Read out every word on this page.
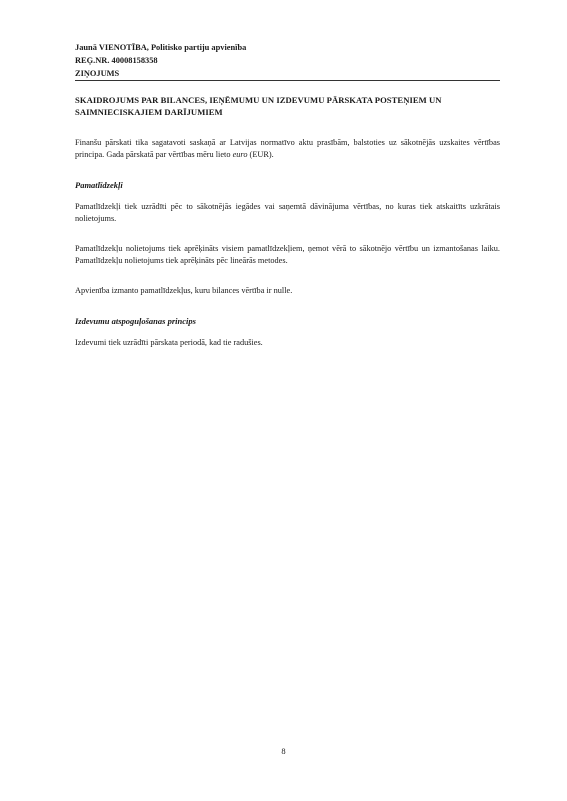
Jaunā VIENOTĪBA, Politisko partiju apvienība
REĢ.NR. 40008158358
ZIŅOJUMS

SKAIDROJUMS PAR BILANCES, IEŅĒMUMU UN IZDEVUMU PĀRSKATA POSTEŅIEM UN SAIMNIECISKAJIEM DARĪJUMIEM

Finanšu pārskati tika sagatavoti saskaņā ar Latvijas normatīvo aktu prasībām, balstoties uz sākotnējās uzskaites vērtības principa. Gada pārskatā par vērtības mēru lieto euro (EUR).

Pamatlīdzekļi

Pamatlīdzekļi tiek uzrādīti pēc to sākotnējās iegādes vai saņemtā dāvinājuma vērtības, no kuras tiek atskaitīts uzkrātais nolietojums.

Pamatlīdzekļu nolietojums tiek aprēķināts visiem pamatlīdzekļiem, ņemot vērā to sākotnējo vērtību un izmantošanas laiku. Pamatlīdzekļu nolietojums tiek aprēķināts pēc lineārās metodes.

Apvienība izmanto pamatlīdzekļus, kuru bilances vērtība ir nulle.

Izdevumu atspoguļošanas princips

Izdevumi tiek uzrādīti pārskata periodā, kad tie radušies.

8
